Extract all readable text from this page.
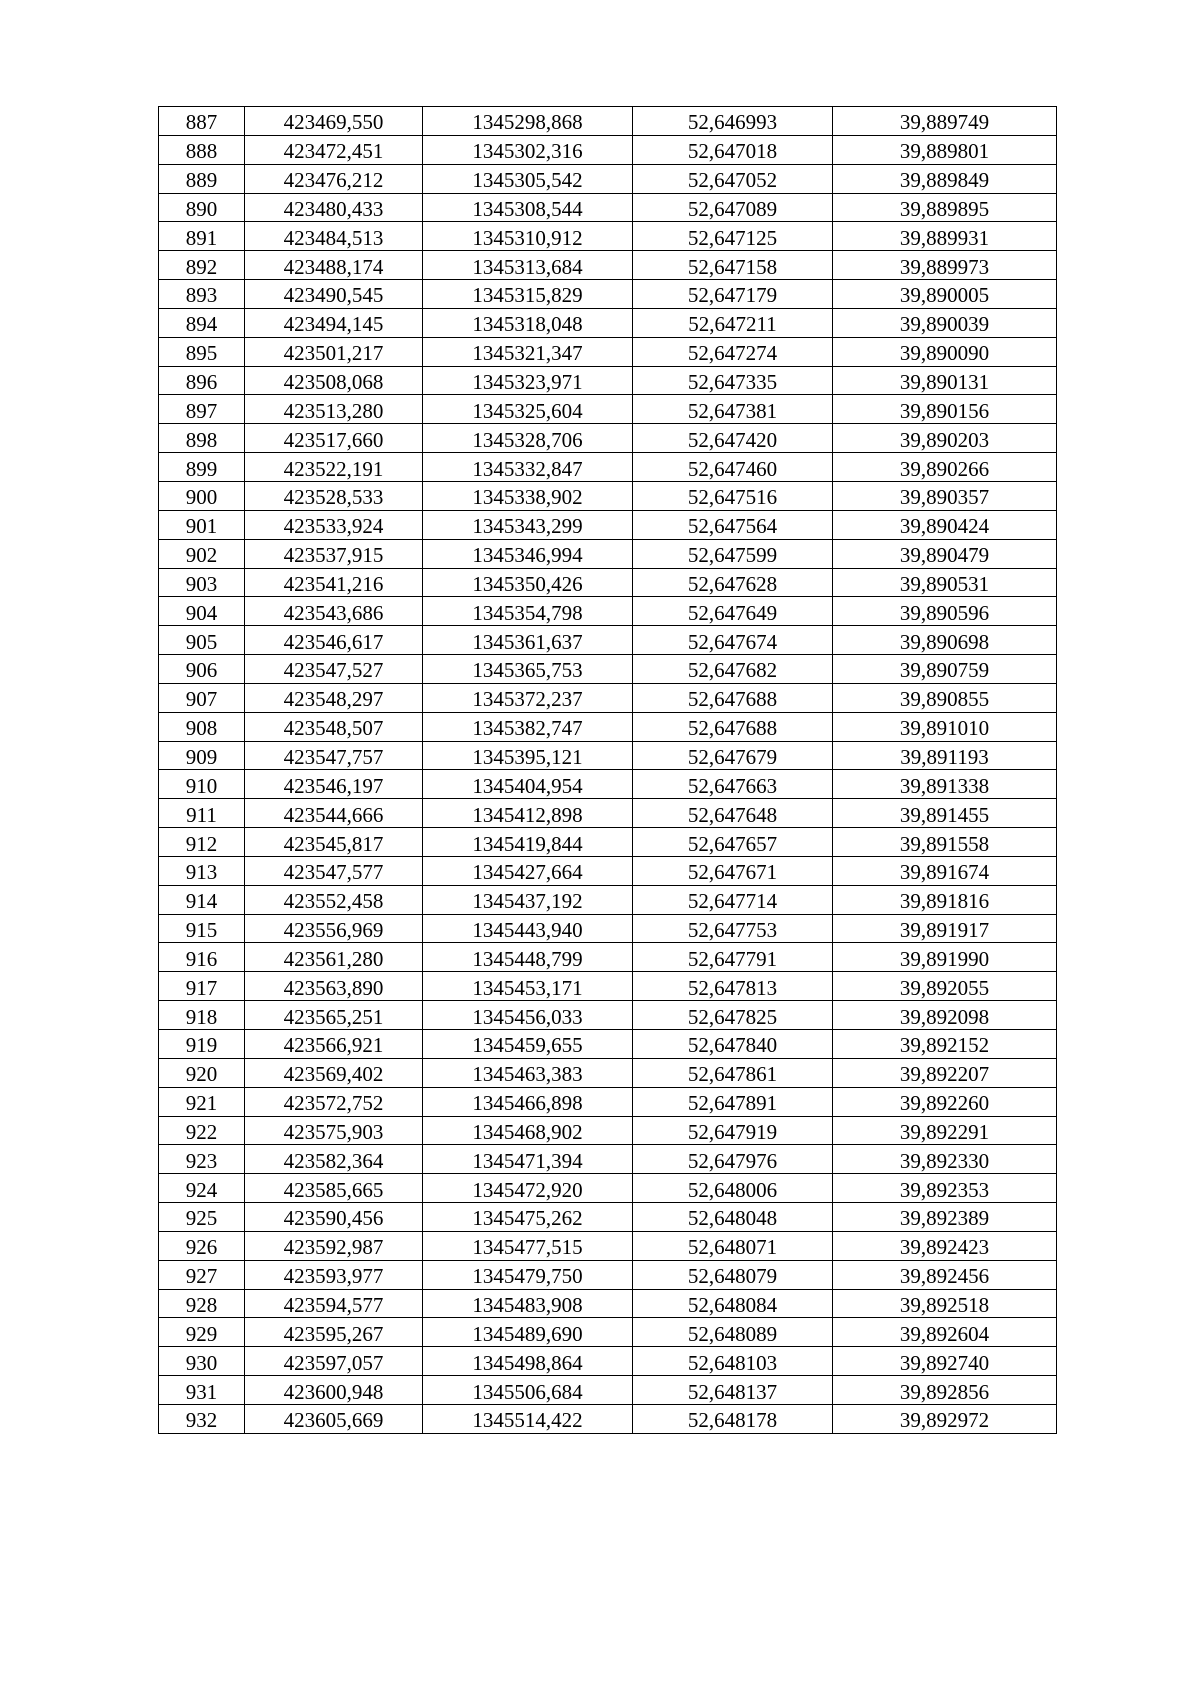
887	423469,550	1345298,868	52,646993	39,889749
888	423472,451	1345302,316	52,647018	39,889801
889	423476,212	1345305,542	52,647052	39,889849
890	423480,433	1345308,544	52,647089	39,889895
891	423484,513	1345310,912	52,647125	39,889931
892	423488,174	1345313,684	52,647158	39,889973
893	423490,545	1345315,829	52,647179	39,890005
894	423494,145	1345318,048	52,647211	39,890039
895	423501,217	1345321,347	52,647274	39,890090
896	423508,068	1345323,971	52,647335	39,890131
897	423513,280	1345325,604	52,647381	39,890156
898	423517,660	1345328,706	52,647420	39,890203
899	423522,191	1345332,847	52,647460	39,890266
900	423528,533	1345338,902	52,647516	39,890357
901	423533,924	1345343,299	52,647564	39,890424
902	423537,915	1345346,994	52,647599	39,890479
903	423541,216	1345350,426	52,647628	39,890531
904	423543,686	1345354,798	52,647649	39,890596
905	423546,617	1345361,637	52,647674	39,890698
906	423547,527	1345365,753	52,647682	39,890759
907	423548,297	1345372,237	52,647688	39,890855
908	423548,507	1345382,747	52,647688	39,891010
909	423547,757	1345395,121	52,647679	39,891193
910	423546,197	1345404,954	52,647663	39,891338
911	423544,666	1345412,898	52,647648	39,891455
912	423545,817	1345419,844	52,647657	39,891558
913	423547,577	1345427,664	52,647671	39,891674
914	423552,458	1345437,192	52,647714	39,891816
915	423556,969	1345443,940	52,647753	39,891917
916	423561,280	1345448,799	52,647791	39,891990
917	423563,890	1345453,171	52,647813	39,892055
918	423565,251	1345456,033	52,647825	39,892098
919	423566,921	1345459,655	52,647840	39,892152
920	423569,402	1345463,383	52,647861	39,892207
921	423572,752	1345466,898	52,647891	39,892260
922	423575,903	1345468,902	52,647919	39,892291
923	423582,364	1345471,394	52,647976	39,892330
924	423585,665	1345472,920	52,648006	39,892353
925	423590,456	1345475,262	52,648048	39,892389
926	423592,987	1345477,515	52,648071	39,892423
927	423593,977	1345479,750	52,648079	39,892456
928	423594,577	1345483,908	52,648084	39,892518
929	423595,267	1345489,690	52,648089	39,892604
930	423597,057	1345498,864	52,648103	39,892740
931	423600,948	1345506,684	52,648137	39,892856
932	423605,669	1345514,422	52,648178	39,892972
